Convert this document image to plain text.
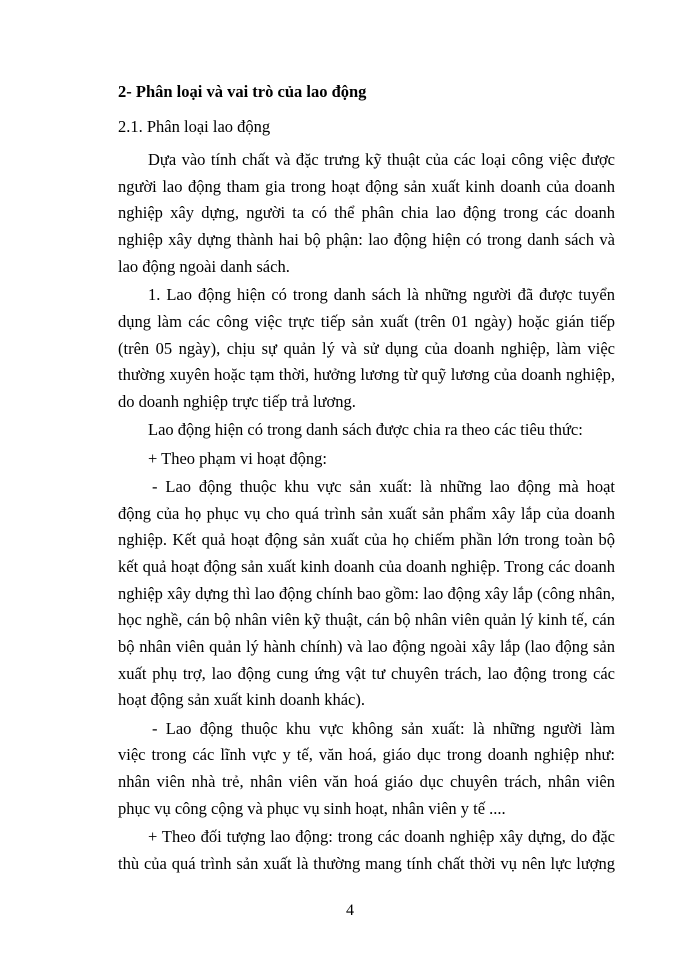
2- Phân loại và vai trò của lao động
2.1. Phân loại lao động
Dựa vào tính chất và đặc trưng kỹ thuật của các loại công việc được
người lao động tham gia trong hoạt động sản xuất kinh doanh của doanh
nghiệp xây dựng, người ta có thể phân chia lao động trong các doanh
nghiệp xây dựng thành hai bộ phận: lao động hiện có trong danh sách và
lao động ngoài danh sách.
1. Lao động hiện có trong danh sách là những người đã được tuyển
dụng làm các công việc trực tiếp sản xuất (trên 01 ngày) hoặc gián tiếp
(trên 05 ngày), chịu sự quản lý và sử dụng của doanh nghiệp, làm việc
thường xuyên hoặc tạm thời, hưởng lương từ quỹ lương của doanh nghiệp,
do doanh nghiệp trực tiếp trả lương.
Lao động hiện có trong danh sách được chia ra theo các tiêu thức:
+ Theo phạm vi hoạt động:
- Lao động thuộc khu vực sản xuất: là những lao động mà hoạt
động của họ phục vụ cho quá trình sản xuất sản phẩm xây lắp của doanh
nghiệp. Kết quả hoạt động sản xuất của họ chiếm phần lớn trong toàn bộ
kết quả hoạt động sản xuất kinh doanh của doanh nghiệp. Trong các doanh
nghiệp xây dựng thì lao động chính bao gồm: lao động xây lắp (công nhân,
học nghề, cán bộ nhân viên kỹ thuật, cán bộ nhân viên quản lý kinh tế, cán
bộ nhân viên quản lý hành chính) và lao động ngoài xây lắp (lao động sản
xuất phụ trợ, lao động cung ứng vật tư chuyên trách, lao động trong các
hoạt động sản xuất kinh doanh khác).
- Lao động thuộc khu vực không sản xuất: là những người làm
việc trong các lĩnh vực y tế, văn hoá, giáo dục trong doanh nghiệp như:
nhân viên nhà trẻ, nhân viên văn hoá giáo dục chuyên trách, nhân viên
phục vụ công cộng và phục vụ sinh hoạt, nhân viên y tế ....
+ Theo đối tượng lao động: trong các doanh nghiệp xây dựng, do đặc
thù của quá trình sản xuất là thường mang tính chất thời vụ nên lực lượng
4
